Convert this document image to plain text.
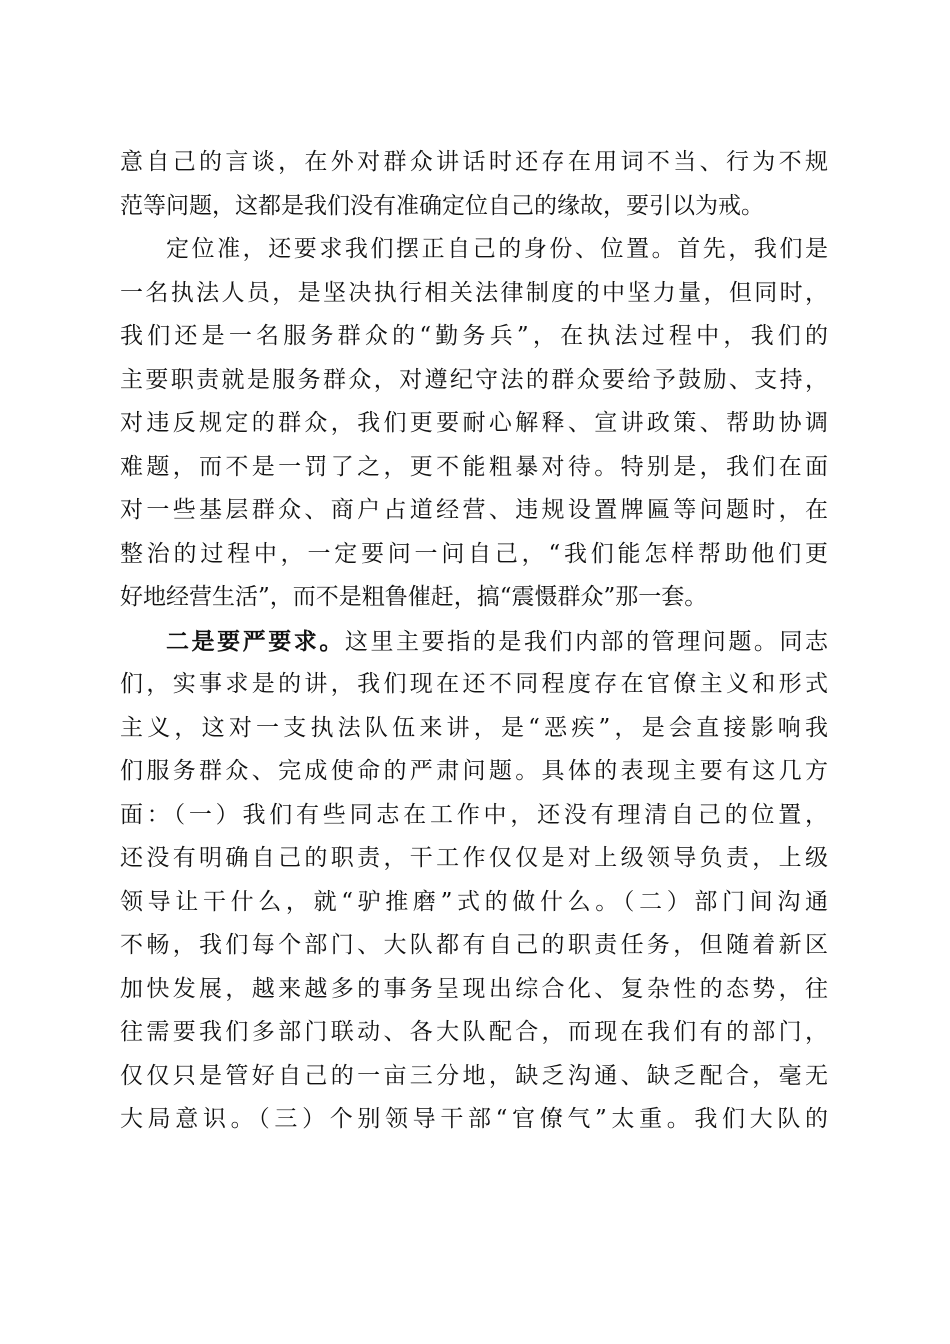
意自己的言谈，在外对群众讲话时还存在用词不当、行为不规
范等问题，这都是我们没有准确定位自己的缘故，要引以为戒。
定位准，还要求我们摆正自己的身份、位置。首先，我们是
一名执法人员，是坚决执行相关法律制度的中坚力量，但同时，
我们还是一名服务群众的“勤务兵”，在执法过程中，我们的
主要职责就是服务群众，对遵纪守法的群众要给予鼓励、支持，
对违反规定的群众，我们更要耐心解释、宣讲政策、帮助协调
难题，而不是一罚了之，更不能粗暴对待。特别是，我们在面
对一些基层群众、商户占道经营、违规设置牌匾等问题时，在
整治的过程中，一定要问一问自己，“我们能怎样帮助他们更
好地经营生活”，而不是粗鲁催赶，搞“震慑群众”那一套。
二是要严要求。这里主要指的是我们内部的管理问题。同志
们，实事求是的讲，我们现在还不同程度存在官僚主义和形式
主义，这对一支执法队伍来讲，是“恶疾”，是会直接影响我
们服务群众、完成使命的严肃问题。具体的表现主要有这几方
面：（一）我们有些同志在工作中，还没有理清自己的位置，
还没有明确自己的职责，干工作仅仅是对上级领导负责，上级
领导让干什么，就“驴推磨”式的做什么。（二）部门间沟通
不畅，我们每个部门、大队都有自己的职责任务，但随着新区
加快发展，越来越多的事务呈现出综合化、复杂性的态势，往
往需要我们多部门联动、各大队配合，而现在我们有的部门，
仅仅只是管好自己的一亩三分地，缺乏沟通、缺乏配合，毫无
大局意识。（三）个别领导干部“官僚气”太重。我们大队的
